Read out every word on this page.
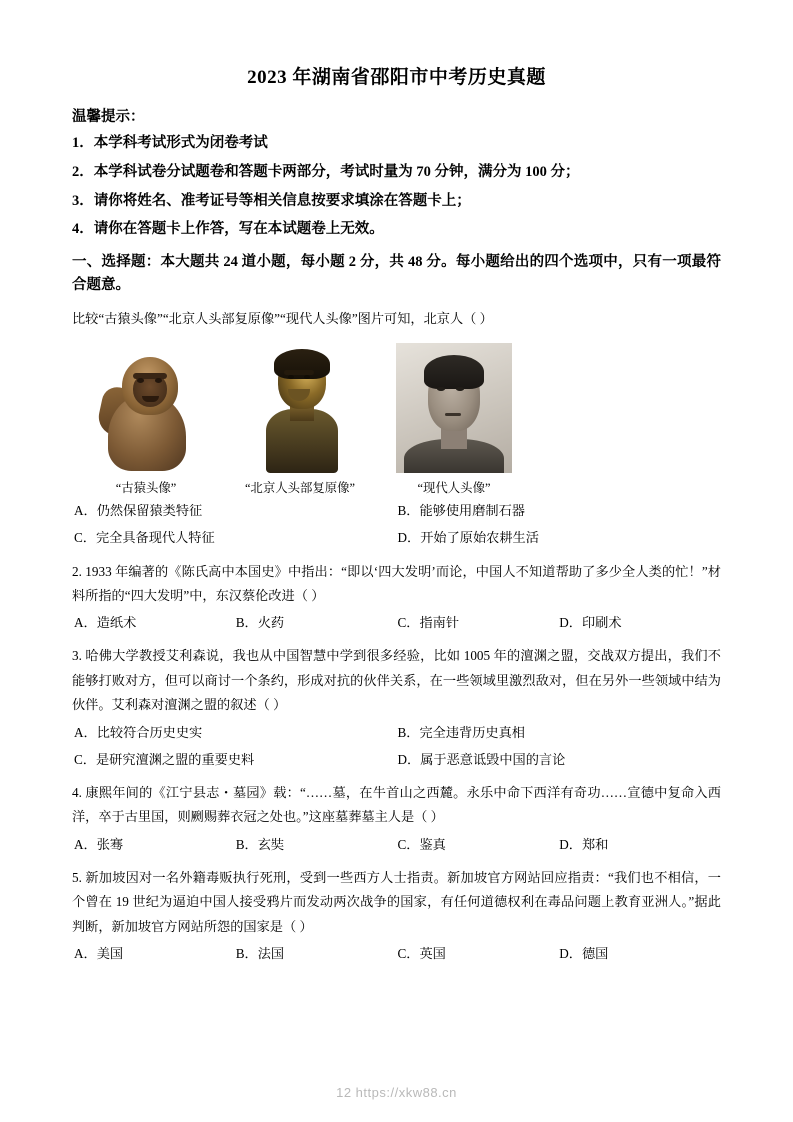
2023 年湖南省邵阳市中考历史真题
温馨提示：
1．本学科考试形式为闭卷考试
2．本学科试卷分试题卷和答题卡两部分，考试时量为 70 分钟，满分为 100 分；
3．请你将姓名、准考证号等相关信息按要求填涂在答题卡上；
4．请你在答题卡上作答，写在本试题卷上无效。
一、选择题：本大题共 24 道小题，每小题 2 分，共 48 分。每小题给出的四个选项中，只有一项最符合题意。
比较“古猿头像”“北京人头部复原像”“现代人头像”图片可知，北京人（ ）
“古猿头像”	“北京人头部复原像”	“现代人头像”
A．仍然保留猿类特征	B．能够使用磨制石器
C．完全具备现代人特征	D．开始了原始农耕生活
2. 1933 年编著的《陈氏高中本国史》中指出：“即以‘四大发明’而论，中国人不知道帮助了多少全人类的忙！”材料所指的“四大发明”中，东汉蔡伦改进（ ）
A．造纸术	B．火药	C．指南针	D．印刷术
3. 哈佛大学教授艾利森说，我也从中国智慧中学到很多经验，比如 1005 年的澶渊之盟，交战双方提出，我们不能够打败对方，但可以商讨一个条约，形成对抗的伙伴关系，在一些领域里激烈敌对，但在另外一些领域中结为伙伴。艾利森对澶渊之盟的叙述（ ）
A．比较符合历史史实	B．完全违背历史真相
C．是研究澶渊之盟的重要史料	D．属于恶意诋毁中国的言论
4. 康熙年间的《江宁县志・墓园》载：“……墓，在牛首山之西麓。永乐中命下西洋有奇功……宣德中复命入西洋，卒于古里国，则劂赐葬衣冠之处也。”这座墓葬墓主人是（ ）
A．张骞	B．玄奘	C．鉴真	D．郑和
5. 新加坡因对一名外籍毒贩执行死刑，受到一些西方人士指责。新加坡官方网站回应指责：“我们也不相信，一个曾在 19 世纪为逼迫中国人接受鸦片而发动两次战争的国家，有任何道德权利在毒品问题上教育亚洲人。”据此判断，新加坡官方网站所怨的国家是（ ）
A．美国	B．法国	C．英国	D．德国
12 https://xkw88.cn
